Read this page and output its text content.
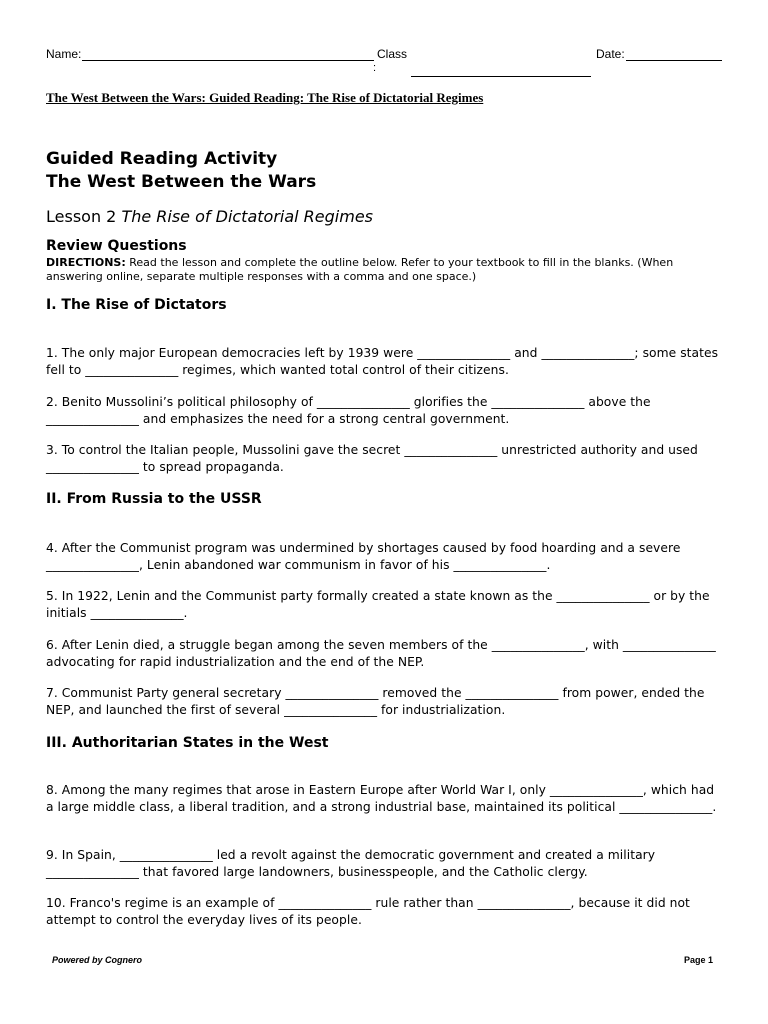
Name:	Class
:
Date:
The West Between the Wars: Guided Reading: The Rise of Dictatorial Regimes
Guided Reading Activity
The West Between the Wars
Lesson 2 The Rise of Dictatorial Regimes
Review Questions
DIRECTIONS: Read the lesson and complete the outline below. Refer to your textbook to fill in the blanks. (When answering online, separate multiple responses with a comma and one space.)
I. The Rise of Dictators
1. The only major European democracies left by 1939 were _______________ and _______________; some states fell to _______________ regimes, which wanted total control of their citizens.
2. Benito Mussolini’s political philosophy of _______________ glorifies the _______________ above the _______________ and emphasizes the need for a strong central government.
3. To control the Italian people, Mussolini gave the secret _______________ unrestricted authority and used _______________ to spread propaganda.
II. From Russia to the USSR
4. After the Communist program was undermined by shortages caused by food hoarding and a severe _______________, Lenin abandoned war communism in favor of his _______________.
5. In 1922, Lenin and the Communist party formally created a state known as the _______________ or by the initials _______________.
6. After Lenin died, a struggle began among the seven members of the _______________, with _______________ advocating for rapid industrialization and the end of the NEP.
7. Communist Party general secretary _______________ removed the _______________ from power, ended the NEP, and launched the first of several _______________ for industrialization.
III. Authoritarian States in the West
8. Among the many regimes that arose in Eastern Europe after World War I, only _______________, which had a large middle class, a liberal tradition, and a strong industrial base, maintained its political _______________.
9. In Spain, _______________ led a revolt against the democratic government and created a military _______________ that favored large landowners, businesspeople, and the Catholic clergy.
10. Franco's regime is an example of _______________ rule rather than _______________, because it did not attempt to control the everyday lives of its people.
Powered by Cognero	Page 1
